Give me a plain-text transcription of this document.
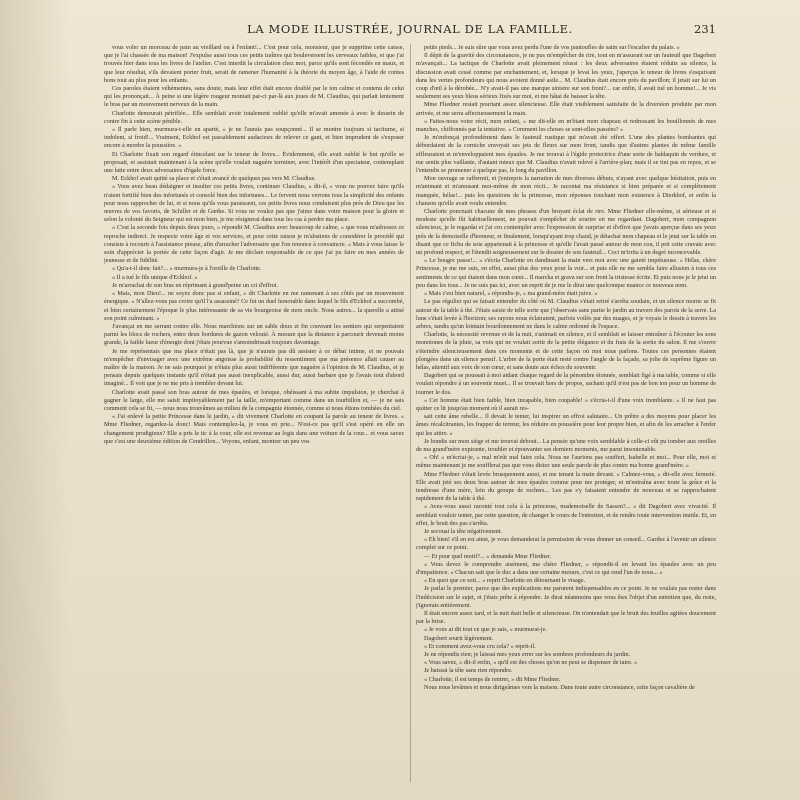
LA MODE ILLUSTRÉE, JOURNAL DE LA FAMILLE.	231

vous voler un morceau de pain au vieillard ou à l'enfant!... C'est pour cela, monsieur, que je suppriine cette caisse, que je l'ai chassée de ma maison! J'expulse aussi tous ces petits traîtres qui bouleversent les cerveaux faibles, et que j'ai trouvés hier dans tous les livres de l'atelier. C'est interdit la circulation chez moi, parce qu'ils sont fécondés en maux, et que leur résultat, s'ils devaient porter fruit, serait de ramener l'humanité à la théorie du moyen âge, à l'aide de contes bons tout au plus pour les enfants.

Ces paroles étaient véhémentes, sans doute, mais leur effet était encore doublé par le ton calme et contenu de celui qui les prononçait... À peine si une légère rougeur montait par-ci par-là aux joues de M. Claudius, qui parlait lentement le bras par un mouvement nerveux de la main.

Charlotte demeurait pétrifiée... Elle semblait avoir totalement oublié qu'elle m'avait amenée à avec le dessein de contre fin à cette scène pénible.

« Il parle bien, murmura-t-elle en aparté, « je ne l'aurais pas soupçonné... Il se montre toujours si taciturne, si indolent, si froid!... Vraiment, Eckhof est passablement audacieux de relever ce gant, et bien imprudent de s'exposer encore à mordre la poussière. »

Et Charlotte fixait son regard étincelant sur le teneur de livres... Évidemment, elle avait oublié le but qu'elle se proposait, et assistait maintenant à la scène qu'elle voulait naguère terminer, avec l'intérêt d'un spectateur, contemplant une lutte entre deux adversaires d'égale force.

M. Eckhof avait quitté sa place et s'était avancé de quelques pas vers M. Claudius.

« Vous avez beau dédaigner et insulter ces petits livres, continuer Claudius, » dit-il, « vous ne pouvez faire qu'ils n'aient fortifié bien des infortunés et consolé bien des infortunes... Le fervent nous verrons tous la simplicité des enfants pour nous rapprocher de lui, et si nous qu'ils vous paraissent, ces petits livres nous conduisent plus près de Dieu que les œuvres de vos favoris, de Schiller et de Gœthe. Si vous ne voulez pas que j'aime dans votre maison pour la gloire et selon la volonté du Seigneur qui est mon bien, je me résignerai dans tous les cas à perdre ma place.

« C'est la seconde fois depuis deux jours, » répondit M. Claudius avec beaucoup de calme, « que vous m'adressez ce reproche indirect. Je respecte votre âge et vos services, et pour cette raison je m'abstiens de considérer le procédé qui consiste à recourir à l'assistance pieuse, afin d'arracher l'adversaire que l'on renonce à convaincre. « Mais à vous laisse le soin d'apprécier la portée de cette façon d'agir. Je me déclare responsable de ce que j'ai pu faire en mes années de jeunesse et de fidélité.

« Qu'a-t-il donc fait?... » murmura-je à l'oreille de Charlotte.

« Il a tué le fils unique d'Eckhof. »

Je m'arrachai de son bras en réprimant à grand'peine un cri d'effroi.

« Mais, mon Dieu!... ne soyez donc pas si enfant, » dit Charlotte en me ramenant à ses côtés par un mouvement énergique. « N'allez-vous pas croire qu'il l'a assassiné? Ce fut un duel honorable dans lequel le fils d'Eckhof a succombé, et bien certainement l'époque le plus intéressante de sa vie bourgeoise de mon oncle. Nous autres... la querelle a attisé son point culminant. »

J'avançai en me serrant contre elle. Nous marchions sur un sable doux et fin couvrant les sentiers qui serpentaient parmi les blocs de rochers, entre deux bordures de gazon velouté. À mesure que la distance à parcourir devenait moins grande, la faible lueur d'énergie dont j'étais pourvue s'amoindrissait toujours davantage.

Je me représentais que ma place n'était pas là, que je n'aurais pas dû assister à ce débat intime, et ne pouvais m'empêcher d'envisager avec une extrême angoisse la probabilité du ressentiment que ma présence allait causer au maître de la maison. Je ne sais pourquoi je n'étais plus aussi indifférente que naguère à l'opinion de M. Claudius, et je pensais depuis quelques instants qu'il n'était pas aussi inexplicable, aussi dur, aussi barbare que je l'avais tout d'abord imaginé... Il voit que je ne me pris à trembler devant lui.

Charlotte avait passé son bras autour de mes épaules, et lorsque, obéissant à ma subite impulsion, je cherchai à gagner le large, elle me saisit impitoyablement par la taille, m'emportant comme dans un tourbillon et, — je ne sais comment cela se fit, — nous nous trouvâmes au milieu de la compagnie étonnée, comme si nous étions tombées du ciel.

« J'ai enlevé la petite Princesse dans le jardin, » dit vivement Charlotte en coupant la parole au teneur de livres. « Mme Fliedner, regardez-la donc! Mais contemplez-la, je vous en prie... N'est-ce pas qu'il s'est opéré en elle un changement prodigieux? Elle a pris le tic à la cour, elle est revenue au logis dans une voiture de la cour... et vous savez que c'est une deuxième édition de Cendrillon... Voyons, enfant, montrer un peu vos

petits pieds... Je suis sûre que vous avez perdu l'une de vos pantoufles de satin sur l'escalier du palais. »

Il dépit de la gravité des circonstances, je ne pus m'empêcher de rire, tout en m'assurant sur un fauteuil que Dagobert m'avançait... La tactique de Charlotte avait pleinement réussi : les deux adversaires étaient réduits au silence, la discussion avait cessé comme par enchantement, et, lorsque je levai les yeux, j'aperçus le teneur de livres s'esquivant dans les vertes profondeurs qui nous avoient donné asile... M. Claudius était encore près du pavillon; il jetait sur lui un coup d'œil à la dérobée... N'y avait-il pas une marque sinistre sur son front?... car enfin, il avait tué un homme!... Je vis seulement ses yeux bleus sérieux fixés sur moi, et me hâtai de baisser la tête.

Mme Fliedner restait pourtant assez silencieuse. Elle était visiblement satisfaite de la diversion produite par mon arrivée, et me serra affectueusement la main.

« Faites-nous votre récit, mon enfant, » me dit-elle en m'ôtant mon chapeau et redressant les bouillonnés de mes manches, chiffonnés par la tentative. « Comment les choses se sont-elles passées? »

Je m'enfonçai profondément dans le fauteuil rustique qui m'avait été offert. L'une des plantes bombantes qui débordaient de la corniche envoyait ses jets de fleurs sur mon front, tandis que d'autres plantes de même famille effleuraient et m'enveloppaient mes épaules. Je me trouvai à l'égide protectrice d'une sorte de baldaquin de verdure, et me sentis plus vaillante, d'autant mieux que M. Claudius n'avait relevé à l'arrière-plan; mais il se tint pas en repos, et se l'entendis se promener à quelque pas, le long du pavillon.

Mon ouvrage se raffermit, et j'entrepris la narration de mes diverses débuts, n'ayant avec quelque hésitation, puis en m'animant et m'amusant moi-même de mon récit... Je racontai ma résistance si bien préparée et si complètement manquée, hélas!... puis les questions de la princesse, mon réponses touchant mon existence à Dierkhof, et enfin la chanson qu'elle avait voulu entendre.

Charlotte ponctuait chacune de mes phrases d'un bruyant éclat de rire. Mme Fliedner elle-même, si sérieuse et si modeste qu'elle fût habituellement, ne pouvait s'empêcher de sourire en me regardant. Dagobert, mon compagnon silencieux, je le regardai et j'ai cru contempler avec l'expression de surprise et d'effroi que j'avais aperçue dans ses yeux près de la demoiselle d'honneur, et finalement, lorsqu'ayant trop chaud, je détachai mon chapeau et le jetai sur la table en disant que ce fichu de soie appartenait à la princesse et qu'elle l'avait passé autour de mon cou, il prit cette cravate avec un profond respect, et l'étendit soigneusement sur le dossier de son fauteuil... Ceci m'irrita à un degré inconcevable.

« Le bougre passe!... » s'écria Charlotte en dandinant la main vers moi avec une gaieté impétueuse. « Hélas, chère Princesse, je me me suis, en effet, aussi plus des yeux pour la voir... et puis elle ne me sembla faire allusion à tous ces sentiments de ce qui étaient dans mon cœur... Il marcha et grava sur son front la tristesse écrite. Et puis nous je le jetai un peu dans les tous... Je ne suis pas ici, avec un esprit de je me le dirai une quelconque nuance ce nouveau nom.

« Mais c'est bien naturel, » répondis-je, « ma grand-mère était juive. »

Le pas régulier qui se faisait entendre du côté où M. Claudius s'était retiré s'arrêta soudain, et un silence morne se fit autour de la table à thé. J'étais saisie de telle sorte que j'observais sans partie le jardin au travers des parois de la serre. La lune s'était levée à l'horizon; ses rayons nous éclairaient, parfois voilés par des nuages, et je voyais le dessin à travers les arbres, tandis qu'un lointain bourdonnement ne dans le calme ordonné de l'espace.

Charlotte, la nécessité revenue et de la nuit, s'animait en silence, et il semblait se laisser entraîner à l'écouter les sons monotones de la pluie, sa voix qui ne voulait sortir de la petite élégance et du frais de la sortie du salon. Il me s'ouvre s'éteindre silencieusement dans ces moments et de cette façon où moi nous parlons. Toutes ces personnes étaient plongées dans un silence pensif. L'arbre de la porte était resté contre l'angle de la façade, sa jolie de suprême figure un hélas, attentif aux voix de son cœur, et sans doute aux échos du souvenir.

Dagobert qui se poussait à moi aidant chaque regard de la pénombre étonnée, semblait figé à ma table, comme si elle voulait répondre à un souvenir muet... Il se trouvait hors de propos, sachant qu'il n'est pas de bon ton pour un homme de tourner le dos.

« Cet homme était bien faible, bien incapable, bien coupable! » s'écria-t-il d'une voix tremblante. « Il ne faut pas quitter ce lit jusqu'au moment où il aurait res-

sait cette âme rebelle... Il devait le tenter, lui inspirer un effroi salutaire... Un prêtre a des moyens pour placer les âmes récalcitrantes, les frapper de terreur, les réduire en poussière pour leur propre bien, et afin de les arracher à l'enfer qui les attire. »

Je bondis sur mon siège et me trouvai debout... La pensée qu'une voix semblable à celle-ci eût pu tomber aux oreilles de ma grand'mère expirante, troubler et épouvanter ses derniers moments, me parut insoutenable.

« Oh! » m'écriai-je, « mal m'eût mal faire cela. Nous ne l'aurions pas souffert, Isabelle et moi... Pour elle, moi et même maintenant je me soufflerai pas que vous disiez une seule parole de plus contre ma bonne grand'mère. »

Mme Fliedner s'était levée brusquement aussi, et me tenant la main devant. « Calmez-vous, » dit-elle avec fermeté. Elle avait jeté ses deux bras autour de mes épaules comme pour me protéger, et m'entraîna avec toute la grâce et la tendresse d'une mère, loin du groupe de rochers... Les pas s'y faisaient entendre de nouveau et se rapprochaient rapidement de la table à thé.

« Avez-vous aussi raconté tout cela à la princesse, mademoiselle de Sassen?... » dit Dagobert avec vivacité. Il semblait vouloir tenter, par cette question, de changer le cours de l'entretien, et de rendre toute intervention inutile. Et, en effet, le bruit des pas s'arrêta.

Je secouai la tête négativement.

« Eh bien! s'il en est ainsi, je vous demanderai la permission de vous donner un conseil... Gardez à l'avenir un silence complet sur ce point.

— Et pour quel motif?... » demanda Mme Fliedner.

« Vous devez le comprendre aisément, ma chère Fliedner, » répondit-il en levant les épaules avec un peu d'impatience. « Chacun sait que le duc a dans une certaine mesure, c'est ce qui rend l'un de nous... »

« En quoi que ce soit... » reprit Charlotte en détournant le visage.

Je parlai le premier, parce que des explications me parurent indispensables en ce point. Je ne voulais pas rester dans l'indécision sur le sujet, et j'étais prête à répondre. Je dirai néanmoins que vous êtes l'objet d'un entretien que, du reste, j'ignorais entièrement.

Il était encore assez tard, et la nuit était belle et silencieuse. On n'entendait que le bruit des feuilles agitées doucement par la brise.

« Je vous ai dit tout ce que je sais, » murmurai-je.

Dagobert sourit légèrement.

« Et comment avez-vous cru cela? » reprit-il.

Je ne répondis rien; je laissai mes yeux errer sur les sombres profondeurs du jardin.

« Vous savez, » dit-il enfin, « qu'il est des choses qu'on ne peut se dispenser de taire. »

Je baissai la tête sans rien répondre.

« Charlotte, il est temps de rentrer, » dit Mme Fliedner.

Nous nous levâmes et nous dirigeâmes vers la maison. Dans toute autre circonstance, cette façon cavalière de
